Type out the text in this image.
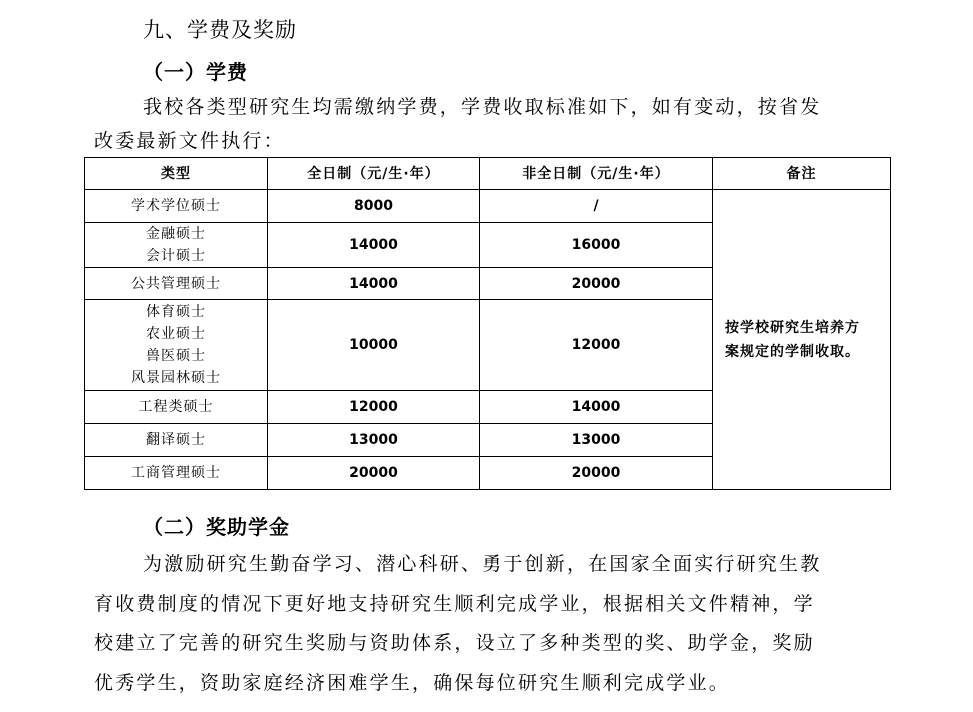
九、学费及奖励
（一）学费
我校各类型研究生均需缴纳学费，学费收取标准如下，如有变动，按省发
改委最新文件执行：
类型	全日制（元/生·年）	非全日制（元/生·年）	备注

学术学位硕士	8000	/	按学校研究生培养方
案规定的学制收取。

金融硕士
会计硕士	14000	16000	

公共管理硕士	14000	20000	

体育硕士
农业硕士
兽医硕士
风景园林硕士	10000	12000	

工程类硕士	12000	14000	

翻译硕士	13000	13000	

工商管理硕士	20000	20000	
（二）奖助学金
为激励研究生勤奋学习、潜心科研、勇于创新，在国家全面实行研究生教
育收费制度的情况下更好地支持研究生顺利完成学业，根据相关文件精神，学
校建立了完善的研究生奖励与资助体系，设立了多种类型的奖、助学金，奖励
优秀学生，资助家庭经济困难学生，确保每位研究生顺利完成学业。
